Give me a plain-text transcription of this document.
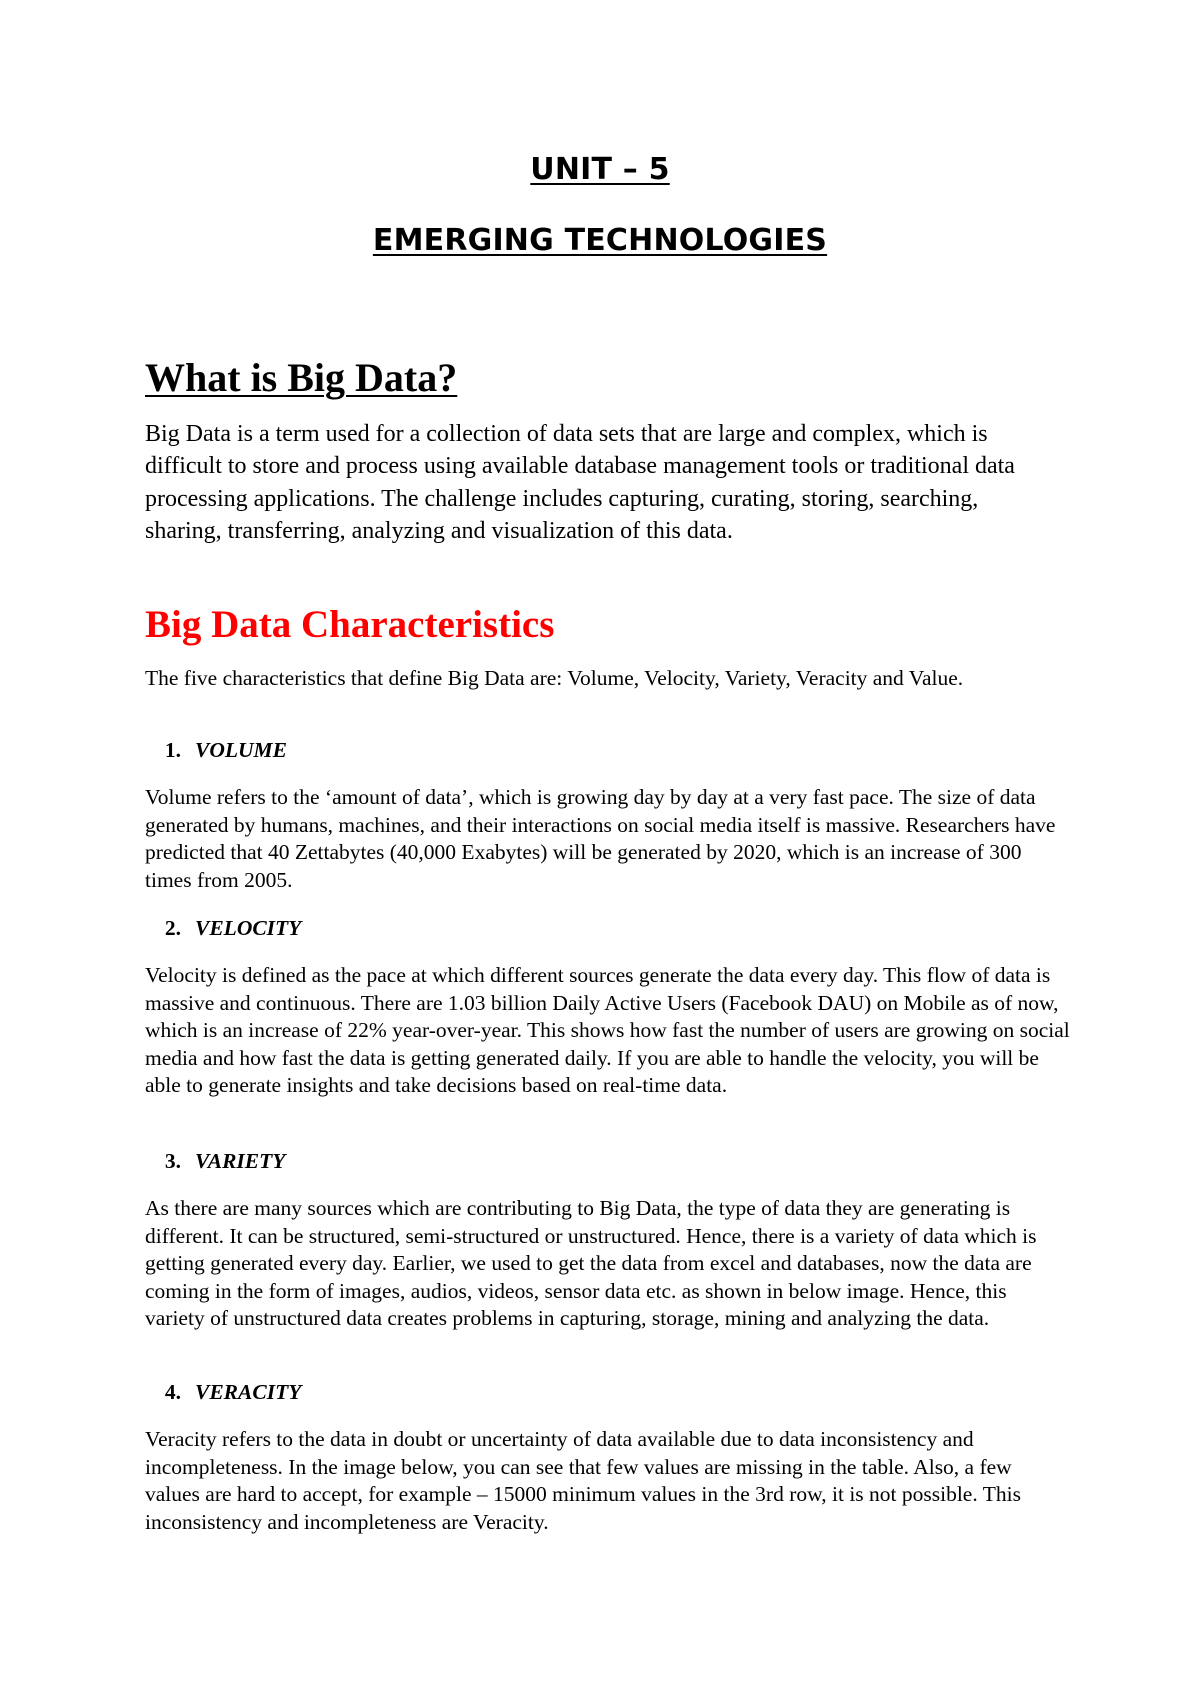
UNIT – 5
EMERGING TECHNOLOGIES
What is Big Data?

Big Data is a term used for a collection of data sets that are large and complex, which is difficult to store and process using available database management tools or traditional data processing applications. The challenge includes capturing, curating, storing, searching, sharing, transferring, analyzing and visualization of this data.

Big Data Characteristics

The five characteristics that define Big Data are: Volume, Velocity, Variety, Veracity and Value.

1. VOLUME

Volume refers to the ‘amount of data’, which is growing day by day at a very fast pace. The size of data generated by humans, machines, and their interactions on social media itself is massive. Researchers have predicted that 40 Zettabytes (40,000 Exabytes) will be generated by 2020, which is an increase of 300 times from 2005.

2. VELOCITY

Velocity is defined as the pace at which different sources generate the data every day. This flow of data is massive and continuous. There are 1.03 billion Daily Active Users (Facebook DAU) on Mobile as of now, which is an increase of 22% year-over-year. This shows how fast the number of users are growing on social media and how fast the data is getting generated daily. If you are able to handle the velocity, you will be able to generate insights and take decisions based on real-time data.

3. VARIETY

As there are many sources which are contributing to Big Data, the type of data they are generating is different. It can be structured, semi-structured or unstructured. Hence, there is a variety of data which is getting generated every day. Earlier, we used to get the data from excel and databases, now the data are coming in the form of images, audios, videos, sensor data etc. as shown in below image. Hence, this variety of unstructured data creates problems in capturing, storage, mining and analyzing the data.

4. VERACITY

Veracity refers to the data in doubt or uncertainty of data available due to data inconsistency and incompleteness. In the image below, you can see that few values are missing in the table. Also, a few values are hard to accept, for example – 15000 minimum values in the 3rd row, it is not possible. This inconsistency and incompleteness are Veracity.
